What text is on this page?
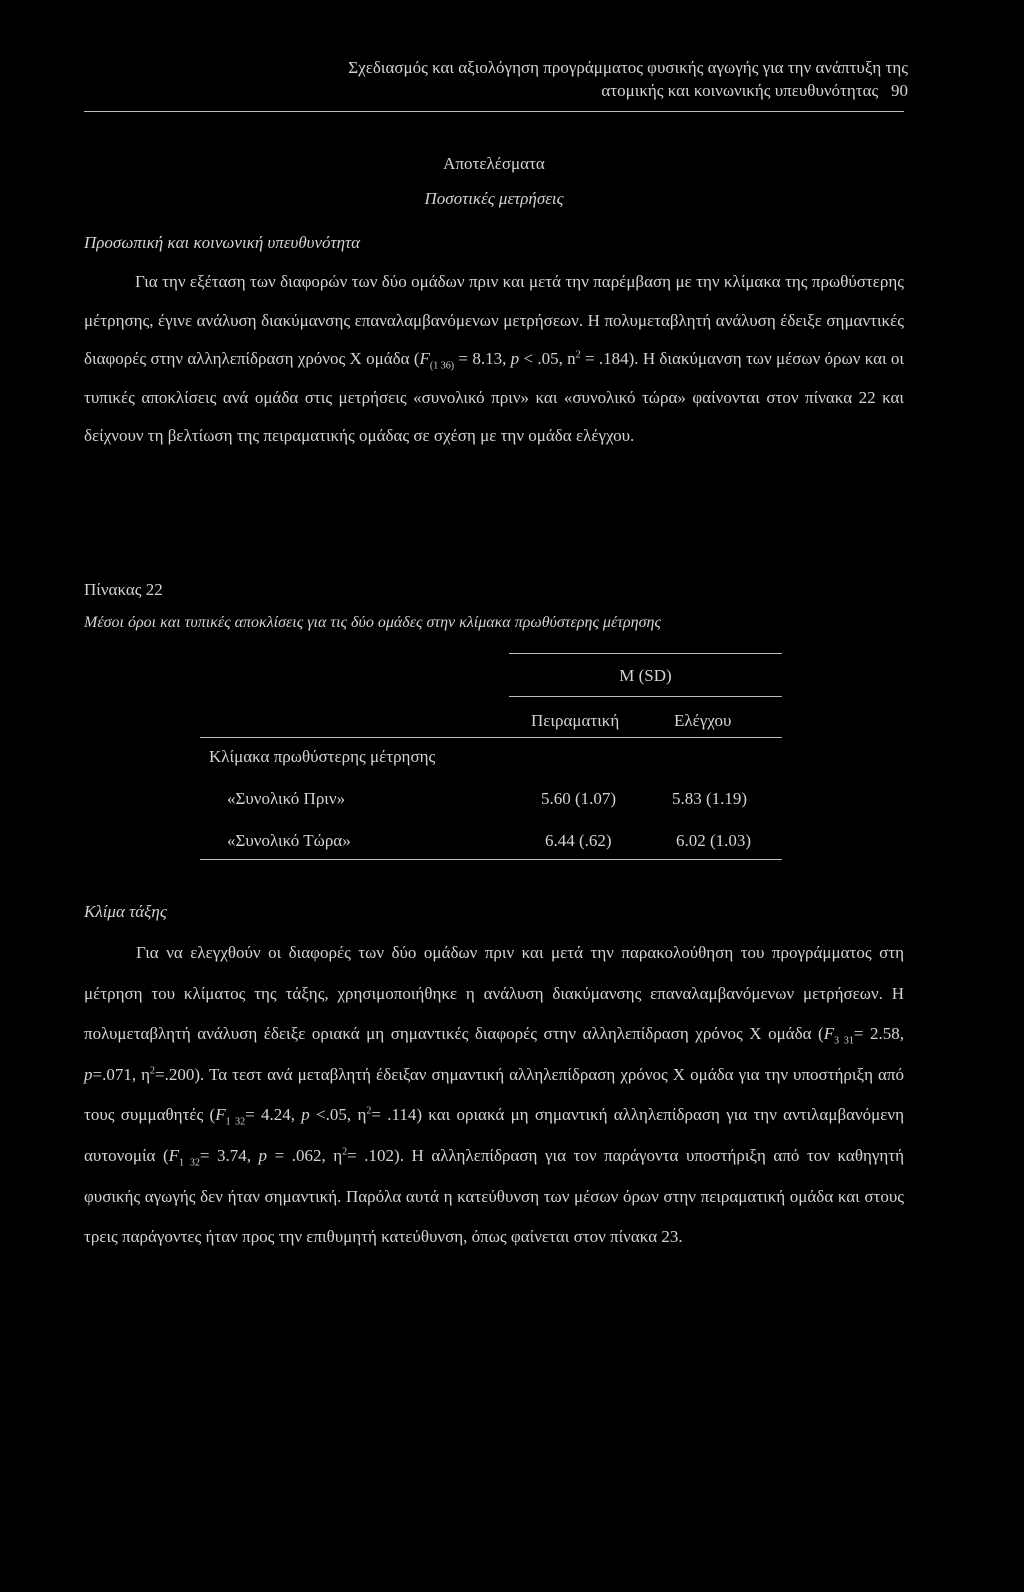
Σχεδιασμός και αξιολόγηση προγράμματος φυσικής αγωγής για την ανάπτυξη της
ατομικής και κοινωνικής υπευθυνότητας 90
Αποτελέσματα
Ποσοτικές μετρήσεις
Προσωπική και κοινωνική υπευθυνότητα

Για την εξέταση των διαφορών των δύο ομάδων πριν και μετά την παρέμβαση με την κλίμακα της πρωθύστερης μέτρησης, έγινε ανάλυση διακύμανσης επαναλαμβανόμενων μετρήσεων. Η πολυμεταβλητή ανάλυση έδειξε σημαντικές διαφορές στην αλληλεπίδραση χρόνος Χ ομάδα ($F_{(1 36)} = 8.13$, p < .05, $n^2 = .184$). Η διακύμανση των μέσων όρων και οι τυπικές αποκλίσεις ανά ομάδα στις μετρήσεις «συνολικό πριν» και «συνολικό τώρα» φαίνονται στον πίνακα 22 και δείχνουν τη βελτίωση της πειραματικής ομάδας σε σχέση με την ομάδα ελέγχου.

Πίνακας 22
Μέσοι όροι και τυπικές αποκλίσεις για τις δύο ομάδες στην κλίμακα πρωθύστερης μέτρησης
M (SD)
Πειραματική	Ελέγχου
Κλίμακα πρωθύστερης μέτρησης
«Συνολικό Πριν»	5.60 (1.07)	5.83 (1.19)
«Συνολικό Τώρα»	6.44 (.62)	6.02 (1.03)
Κλίμα τάξης

Για να ελεγχθούν οι διαφορές των δύο ομάδων πριν και μετά την παρακολούθηση του προγράμματος στη μέτρηση του κλίματος της τάξης, χρησιμοποιήθηκε η ανάλυση διακύμανσης επαναλαμβανόμενων μετρήσεων. Η πολυμεταβλητή ανάλυση έδειξε οριακά μη σημαντικές διαφορές στην αλληλεπίδραση χρόνος Χ ομάδα ($F_{3 31}= 2.58$, p=.071, $\eta^2=.200$). Τα τεστ ανά μεταβλητή έδειξαν σημαντική αλληλεπίδραση χρόνος Χ ομάδα για την υποστήριξη από τους συμμαθητές ($F_{1 32}= 4.24$, p <.05, $\eta^2= .114$) και οριακά μη σημαντική αλληλεπίδραση για την αντιλαμβανόμενη αυτονομία ($F_{1 32}= 3.74$, p = .062, $\eta^2= .102$). Η αλληλεπίδραση για τον παράγοντα υποστήριξη από τον καθηγητή φυσικής αγωγής δεν ήταν σημαντική. Παρόλα αυτά η κατεύθυνση των μέσων όρων στην πειραματική ομάδα και στους τρεις παράγοντες ήταν προς την επιθυμητή κατεύθυνση, όπως φαίνεται στον πίνακα 23.
